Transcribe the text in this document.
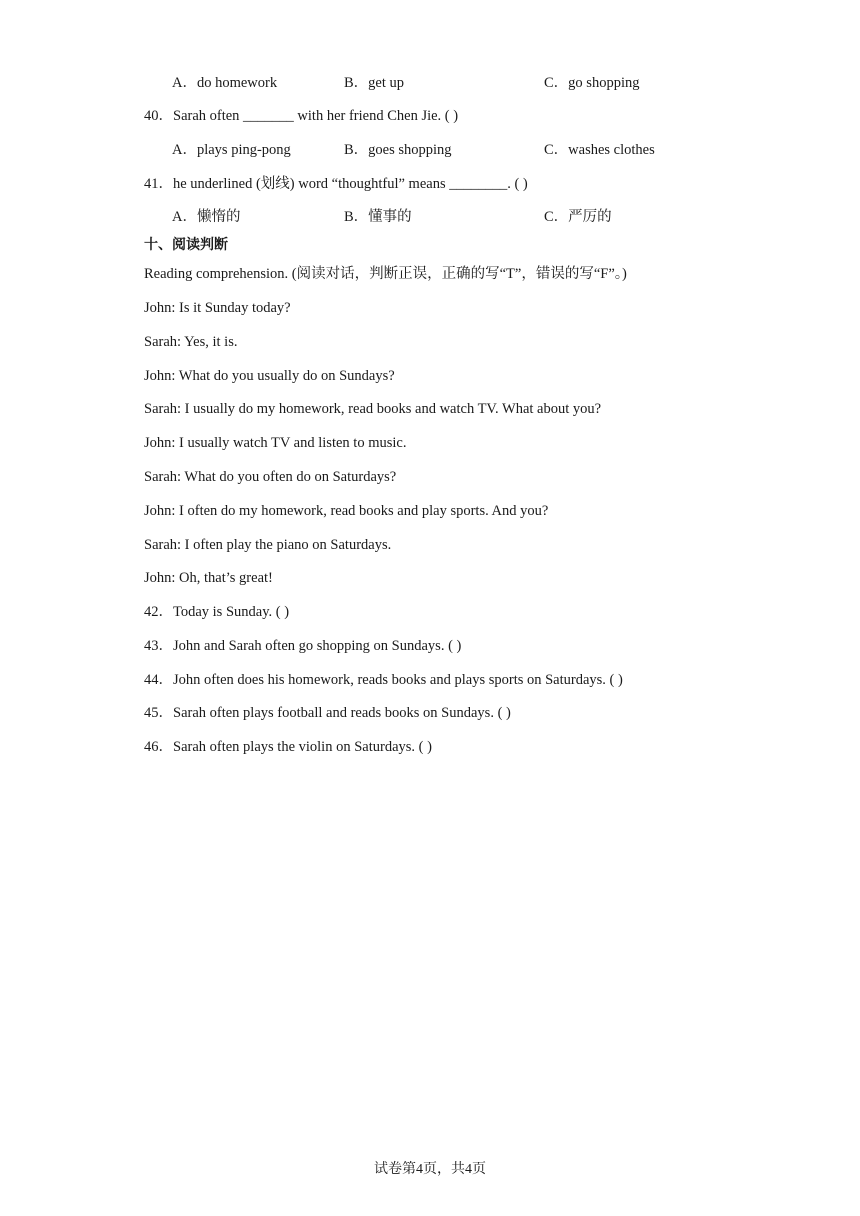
A．do homework	B．get up	C．go shopping
40．Sarah often _______ with her friend Chen Jie. ( )
A．plays ping-pong	B．goes shopping	C．washes clothes
41．he underlined (划线) word “thoughtful” means ________. ( )
A．懒惰的	B．懂事的	C．严厉的
十、阅读判断
Reading comprehension. (阅读对话，判断正误，正确的写“T”，错误的写“F”。)
John: Is it Sunday today?
Sarah: Yes, it is.
John: What do you usually do on Sundays?
Sarah: I usually do my homework, read books and watch TV. What about you?
John: I usually watch TV and listen to music.
Sarah: What do you often do on Saturdays?
John: I often do my homework, read books and play sports. And you?
Sarah: I often play the piano on Saturdays.
John: Oh, that’s great!
42．Today is Sunday. ( )
43．John and Sarah often go shopping on Sundays. ( )
44．John often does his homework, reads books and plays sports on Saturdays. ( )
45．Sarah often plays football and reads books on Sundays. ( )
46．Sarah often plays the violin on Saturdays. ( )
试卷第4页，共4页
